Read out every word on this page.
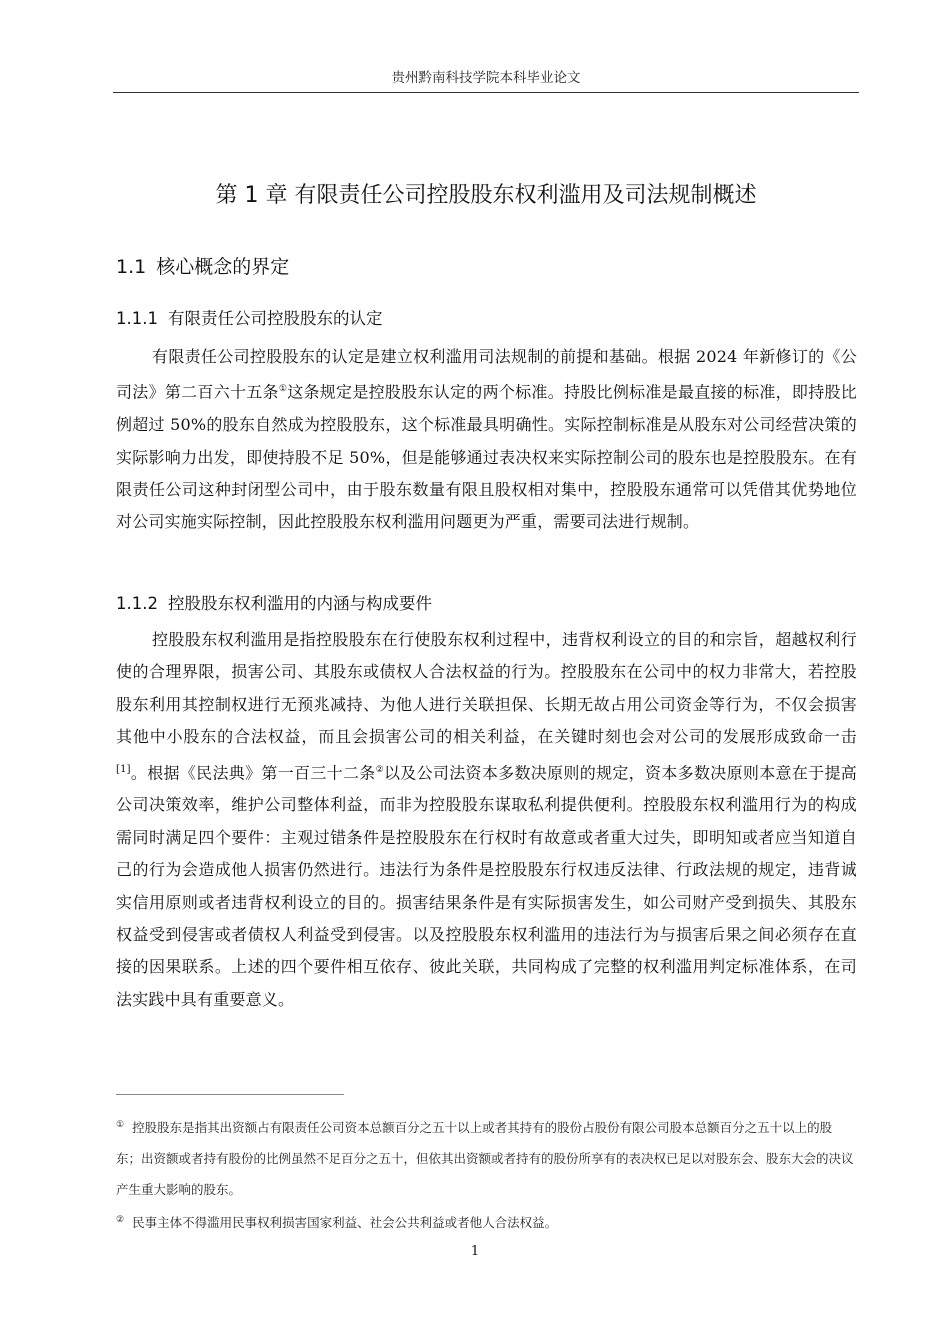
贵州黔南科技学院本科毕业论文
第 1 章 有限责任公司控股股东权利滥用及司法规制概述
1.1 核心概念的界定
1.1.1 有限责任公司控股股东的认定

有限责任公司控股股东的认定是建立权利滥用司法规制的前提和基础。根据 2024 年新修订的《公司法》第二百六十五条①这条规定是控股股东认定的两个标准。持股比例标准是最直接的标准，即持股比例超过 50%的股东自然成为控股股东，这个标准最具明确性。实际控制标准是从股东对公司经营决策的实际影响力出发，即使持股不足 50%，但是能够通过表决权来实际控制公司的股东也是控股股东。在有限责任公司这种封闭型公司中，由于股东数量有限且股权相对集中，控股股东通常可以凭借其优势地位对公司实施实际控制，因此控股股东权利滥用问题更为严重，需要司法进行规制。

1.1.2 控股股东权利滥用的内涵与构成要件

控股股东权利滥用是指控股股东在行使股东权利过程中，违背权利设立的目的和宗旨，超越权利行使的合理界限，损害公司、其股东或债权人合法权益的行为。控股股东在公司中的权力非常大，若控股股东利用其控制权进行无预兆减持、为他人进行关联担保、长期无故占用公司资金等行为，不仅会损害其他中小股东的合法权益，而且会损害公司的相关利益，在关键时刻也会对公司的发展形成致命一击[1]。根据《民法典》第一百三十二条②以及公司法资本多数决原则的规定，资本多数决原则本意在于提高公司决策效率，维护公司整体利益，而非为控股股东谋取私利提供便利。控股股东权利滥用行为的构成需同时满足四个要件：主观过错条件是控股股东在行权时有故意或者重大过失，即明知或者应当知道自己的行为会造成他人损害仍然进行。违法行为条件是控股股东行权违反法律、行政法规的规定，违背诚实信用原则或者违背权利设立的目的。损害结果条件是有实际损害发生，如公司财产受到损失、其股东权益受到侵害或者债权人利益受到侵害。以及控股股东权利滥用的违法行为与损害后果之间必须存在直接的因果联系。上述的四个要件相互依存、彼此关联，共同构成了完整的权利滥用判定标准体系，在司法实践中具有重要意义。

① 控股股东是指其出资额占有限责任公司资本总额百分之五十以上或者其持有的股份占股份有限公司股本总额百分之五十以上的股东；出资额或者持有股份的比例虽然不足百分之五十，但依其出资额或者持有的股份所享有的表决权已足以对股东会、股东大会的决议产生重大影响的股东。

② 民事主体不得滥用民事权利损害国家利益、社会公共利益或者他人合法权益。

1
